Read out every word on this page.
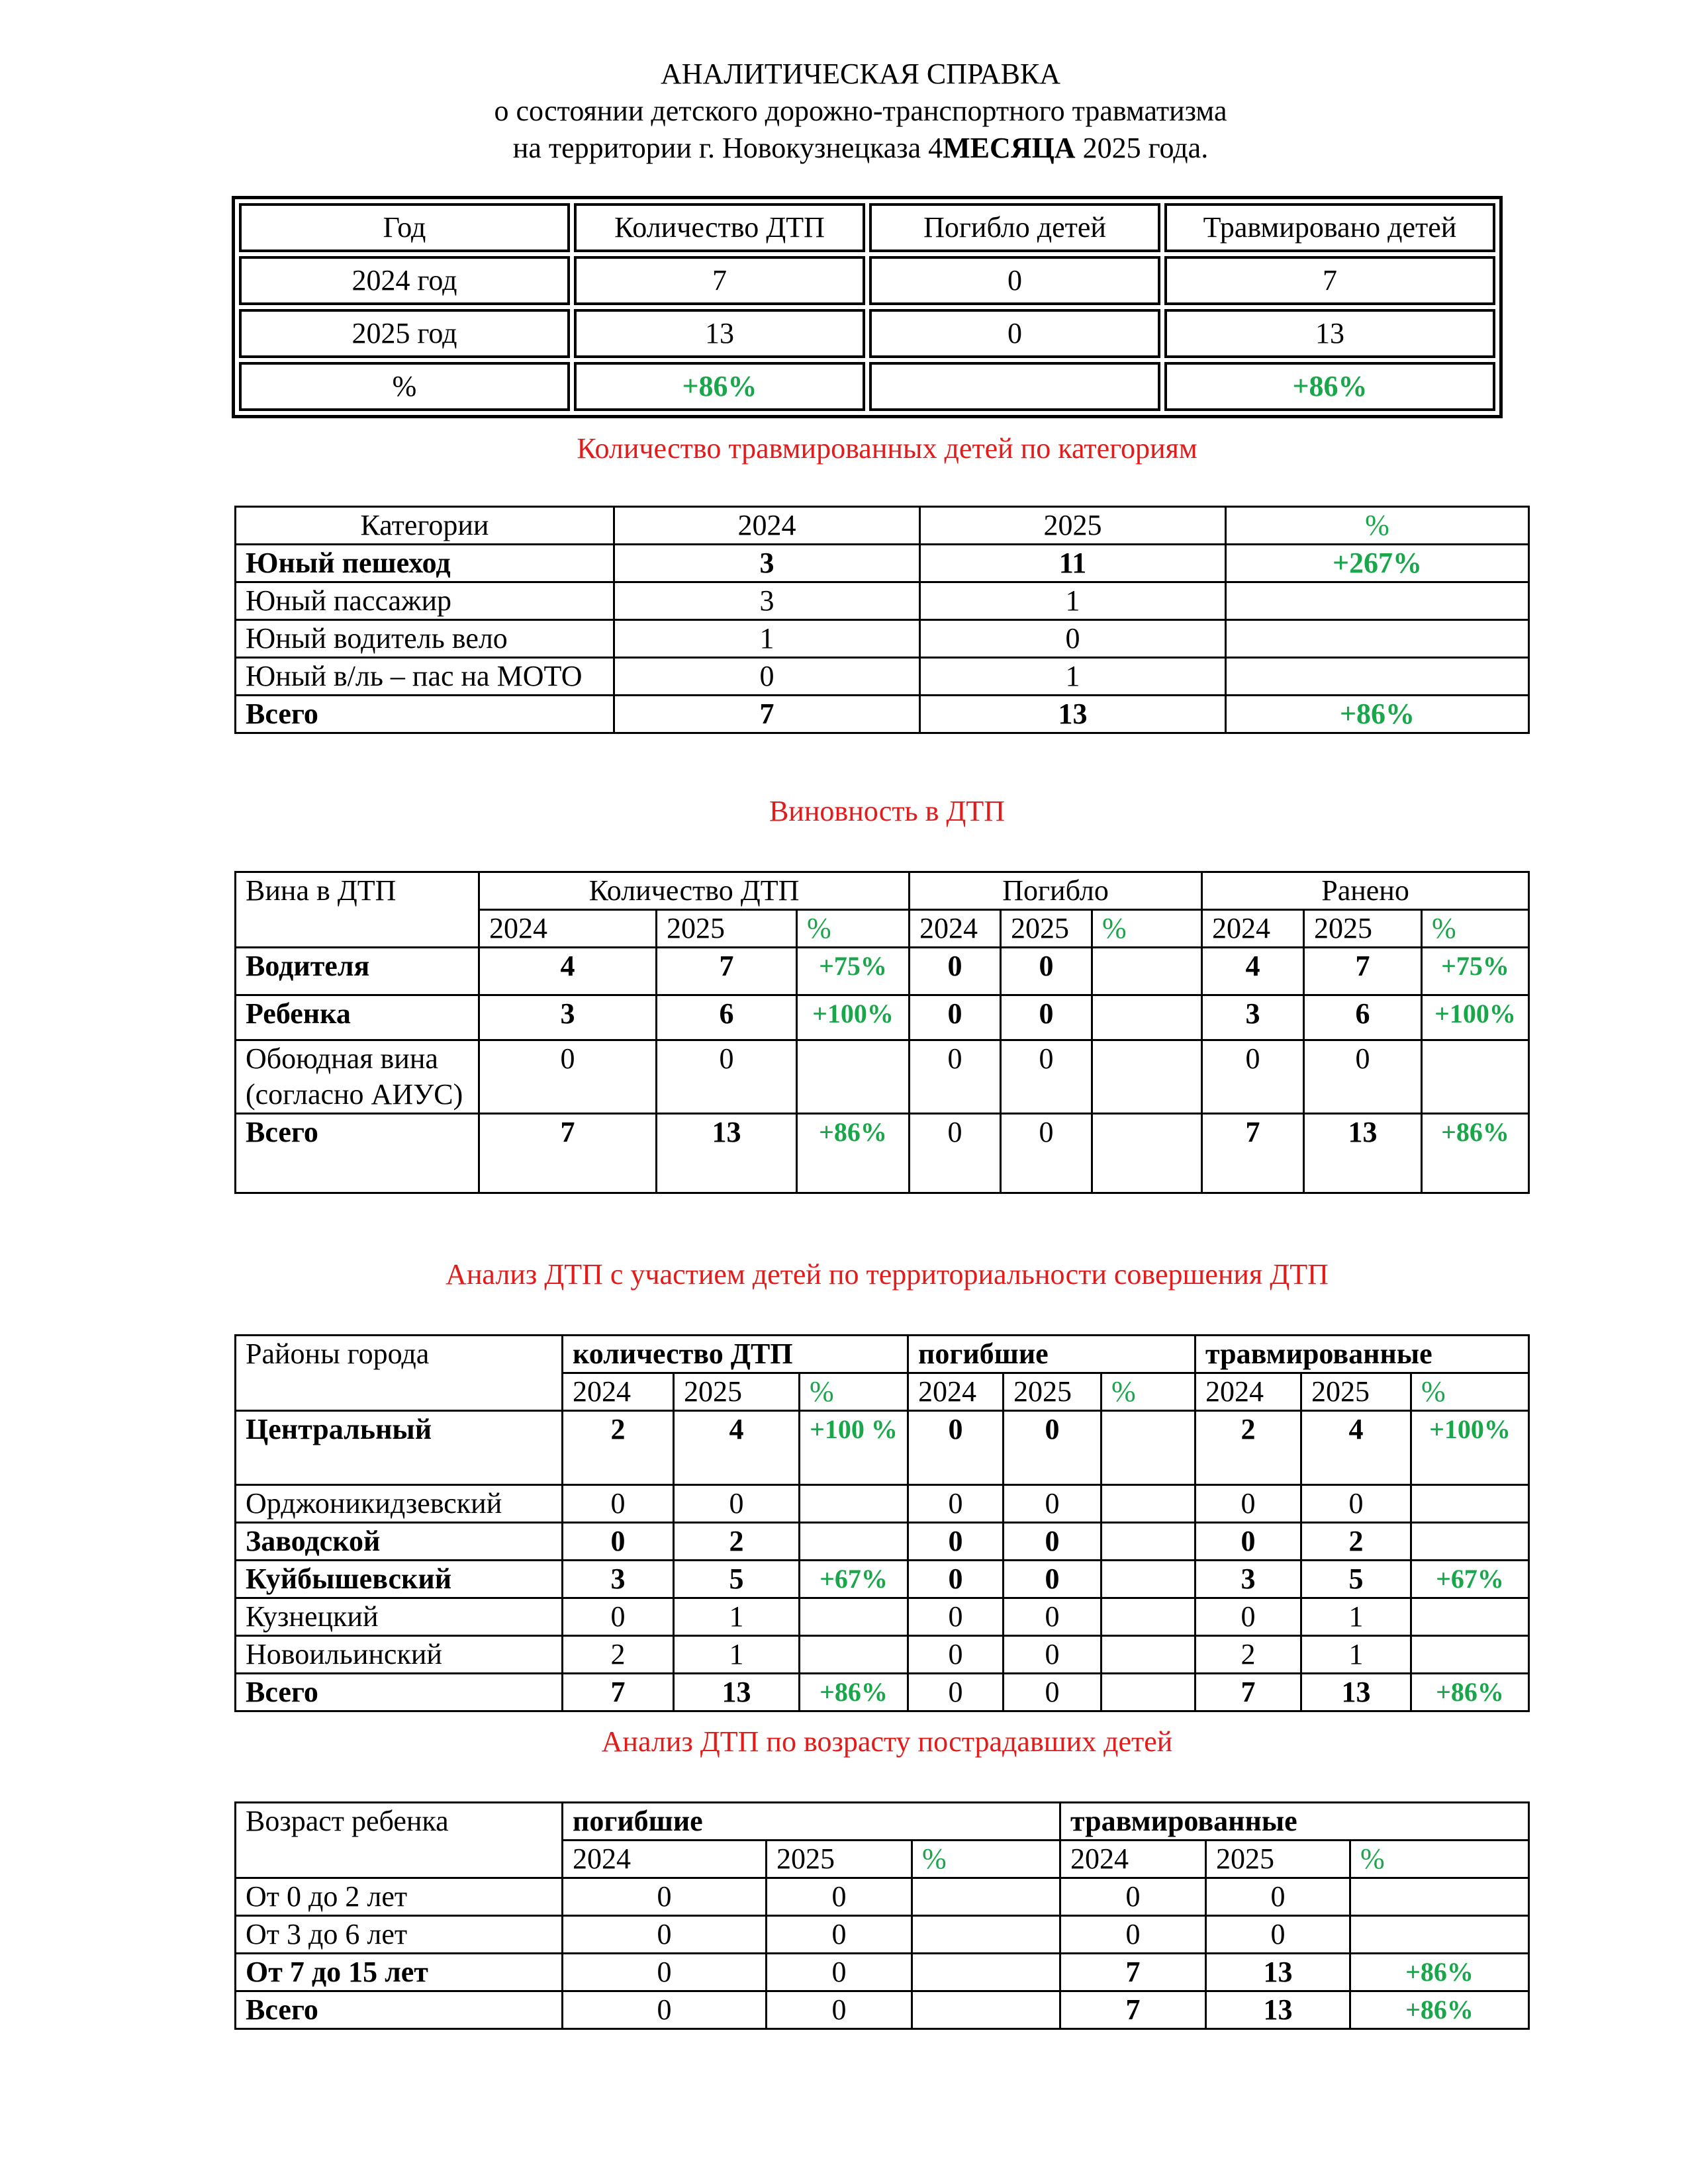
АНАЛИТИЧЕСКАЯ СПРАВКА
о состоянии детского дорожно-транспортного травматизма
на территории г. Новокузнецказа 4МЕСЯЦА 2025 года.
Год	Количество ДТП	Погибло детей	Травмировано детей
2024 год	7	0	7
2025 год	13	0	13
%	+86%		+86%
Количество травмированных детей по категориям
Категории	2024	2025	%
Юный пешеход	3	11	+267%
Юный пассажир	3	1	
Юный водитель вело	1	0	
Юный в/ль – пас на МОТО	0	1	
Всего	7	13	+86%
Виновность в ДТП
Вина в ДТП	Количество ДТП			Погибло			Ранено		
	2024	2025	%	2024	2025	%	2024	2025	%
Водителя	4	7	+75%	0	0		4	7	+75%
Ребенка	3	6	+100%	0	0		3	6	+100%
Обоюдная вина (согласно АИУС)	0	0		0	0		0	0	
Всего	7	13	+86%	0	0		7	13	+86%
Анализ ДТП с участием детей по территориальности совершения ДТП
Районы города	количество ДТП			погибшие			травмированные		
	2024	2025	%	2024	2025	%	2024	2025	%
Центральный	2	4	+100 %	0	0		2	4	+100%
Орджоникидзевский	0	0		0	0		0	0	
Заводской	0	2		0	0		0	2	
Куйбышевский	3	5	+67%	0	0		3	5	+67%
Кузнецкий	0	1		0	0		0	1	
Новоильинский	2	1		0	0		2	1	
Всего	7	13	+86%	0	0		7	13	+86%
Анализ ДТП по возрасту пострадавших детей
Возраст ребенка	погибшие			травмированные		
	2024	2025	%	2024	2025	%
От 0 до 2 лет	0	0		0	0	
От 3 до 6 лет	0	0		0	0	
От 7 до 15 лет	0	0		7	13	+86%
Всего	0	0		7	13	+86%
